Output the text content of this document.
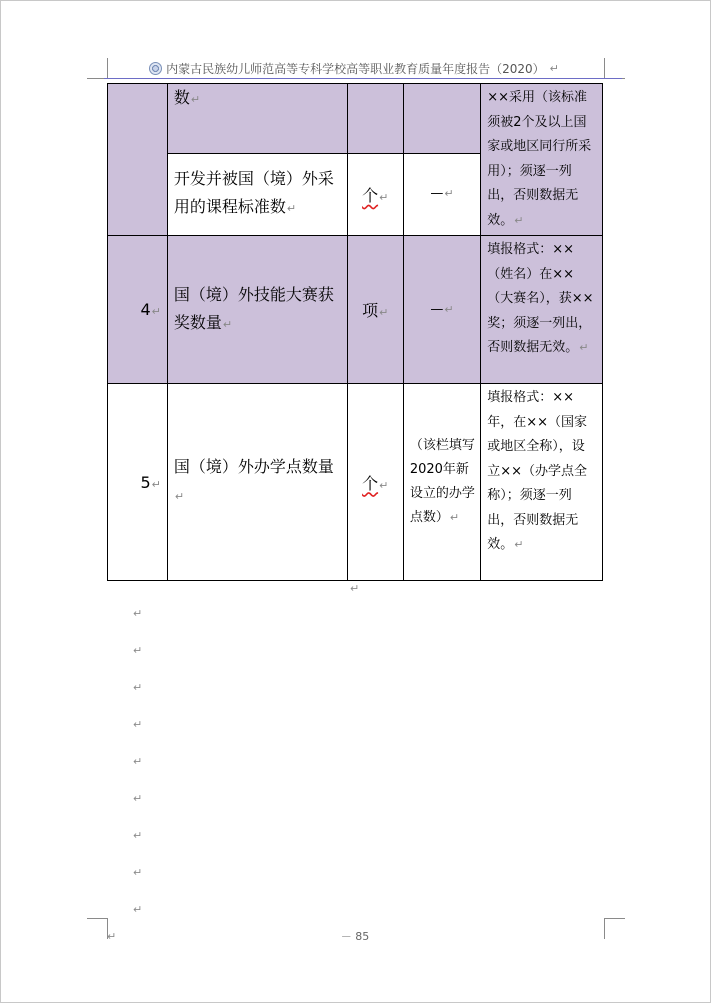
内蒙古民族幼儿师范高等专科学校高等职业教育质量年度报告（2020） ↵
	数↵			××采用（该标准须被2个及以上国家或地区同行所采用）；须逐一列出，否则数据无效。↵
	开发并被国（境）外采用的课程标准数↵	个↵	—↵	
4↵	国（境）外技能大赛获奖数量↵	项↵	—↵	填报格式：××（姓名）在××（大赛名），获××奖；须逐一列出，否则数据无效。↵
5↵	国（境）外办学点数量↵	个↵	（该栏填写2020年新设立的办学点数）↵	填报格式：××年，在××（国家或地区全称），设立××（办学点全称）；须逐一列出，否则数据无效。↵
↵
↵
↵
↵
↵
↵
↵
↵
↵
↵
↵	－ 85
